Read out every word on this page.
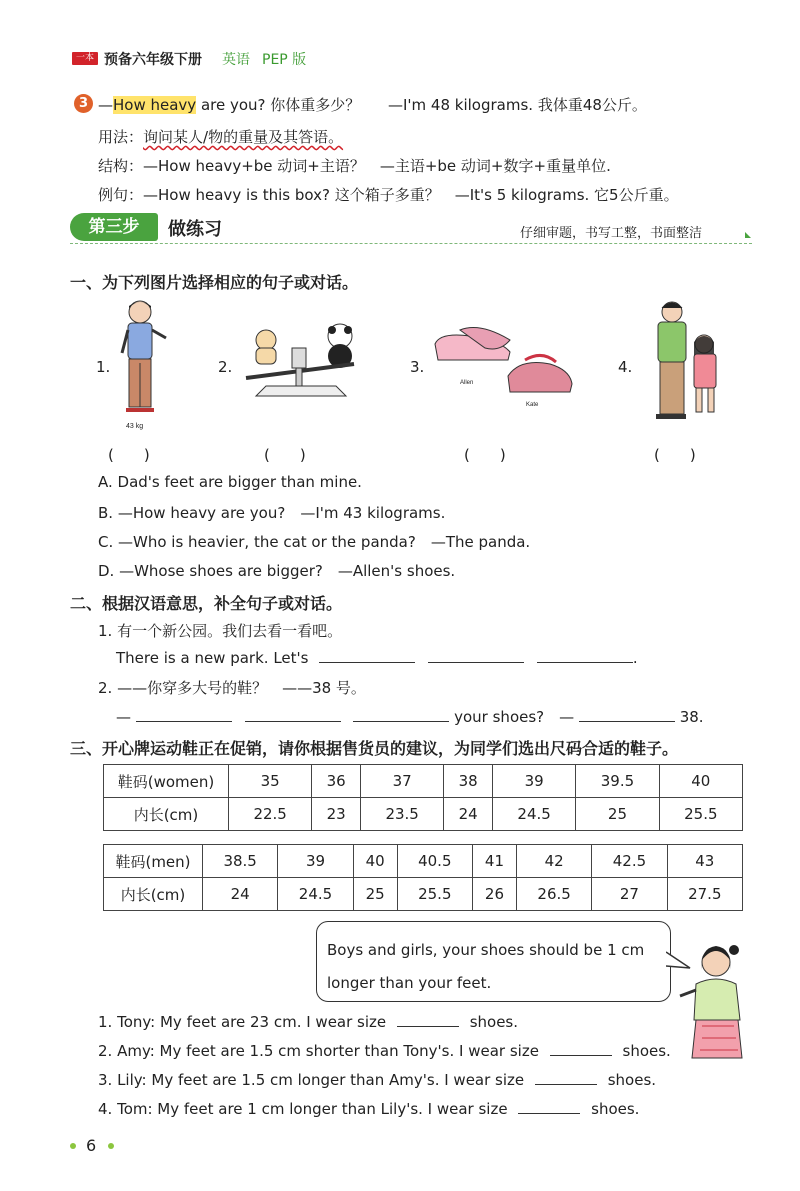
一本 预备六年级下册 英语 PEP 版
3 —How heavy are you? 你体重多少？ —I'm 48 kilograms. 我体重48公斤。
用法：询问某人/物的重量及其答语。
结构：—How heavy+be 动词+主语？　—主语+be 动词+数字+重量单位.
例句：—How heavy is this box? 这个箱子多重？　—It's 5 kilograms. 它5公斤重。
第三步	做练习	仔细审题，书写工整，书面整洁
一、为下列图片选择相应的句子或对话。
1.	2.	3.	4.
43 kg
Allen
Kate
(　　)	(　　)	(　　)	(　　)
A. Dad's feet are bigger than mine.
B. —How heavy are you?　—I'm 43 kilograms.
C. —Who is heavier, the cat or the panda?　—The panda.
D. —Whose shoes are bigger?　—Allen's shoes.
二、根据汉语意思，补全句子或对话。
1. 有一个新公园。我们去看一看吧。
There is a new park. Let's	.
2. ——你穿多大号的鞋？　——38 号。
—	your shoes?　—	38.
三、开心牌运动鞋正在促销，请你根据售货员的建议，为同学们选出尺码合适的鞋子。
鞋码(women)	35	36	37	38	39	39.5	40
内长(cm)	22.5	23	23.5	24	24.5	25	25.5
鞋码(men)	38.5	39	40	40.5	41	42	42.5	43
内长(cm)	24	24.5	25	25.5	26	26.5	27	27.5
Boys and girls, your shoes should be 1 cm longer than your feet.
1. Tony: My feet are 23 cm. I wear size	shoes.
2. Amy: My feet are 1.5 cm shorter than Tony's. I wear size	shoes.
3. Lily: My feet are 1.5 cm longer than Amy's. I wear size	shoes.
4. Tom: My feet are 1 cm longer than Lily's. I wear size	shoes.
6
